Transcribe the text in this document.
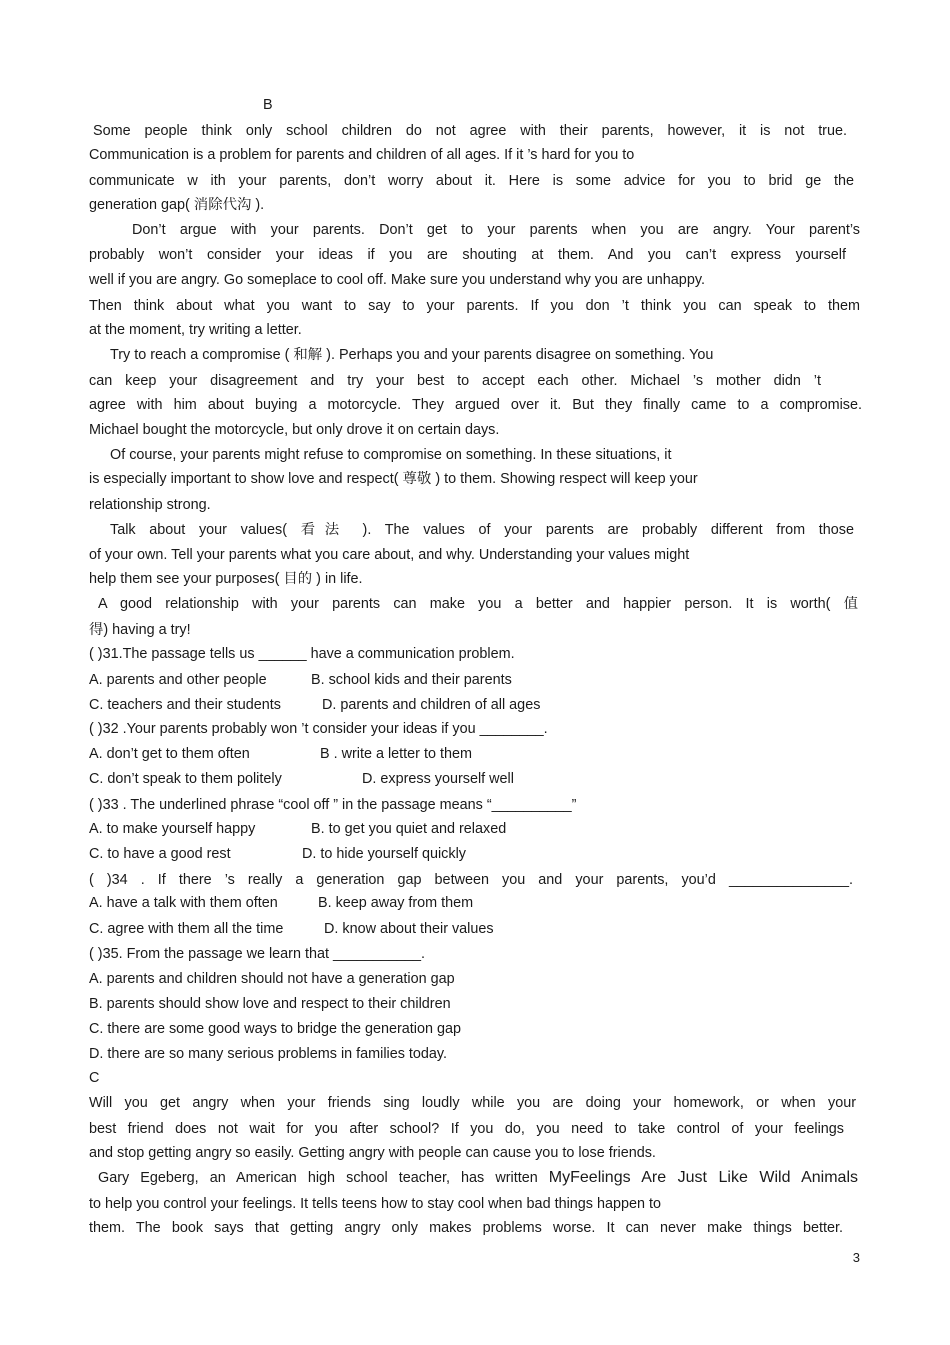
B
Some people think only school children do not agree with their parents, however, it is not true.
Communication is a problem for parents and children of all ages. If it ’s hard for you to
communicate w ith your parents, don’t worry about it. Here is some advice for you to brid ge the
generation gap( 消除代沟 ).
Don’t argue with your parents. Don’t get to your parents when you are angry. Your parent’s
probably won’t consider your ideas if you are shouting at them. And you can’t express yourself
well if you are angry. Go someplace to cool off. Make sure you understand why you are unhappy.
Then think about what you want to say to your parents. If you don ’t think you can speak to them
at the moment, try writing a letter.
Try to reach a compromise ( 和解 ). Perhaps you and your parents disagree on something. You
can keep your disagreement and try your best to accept each other. Michael ’s mother didn ’t
agree with him about buying a motorcycle. They argued over it. But they finally came to a compromise.
Michael bought the motorcycle, but only drove it on certain days.
Of course, your parents might refuse to compromise on something. In these situations, it
is especially important to show love and respect( 尊敬 ) to them. Showing respect will keep your
relationship strong.
Talk about your values( 看法 ). The values of your parents are probably different from those
of your own. Tell your parents what you care about, and why. Understanding your values might
help them see your purposes( 目的 ) in life.
A good relationship with your parents can make you a better and happier person. It is worth( 值
得) having a try!
( )31.The passage tells us ______ have a communication problem.
A. parents and other people	B. school kids and their parents
C. teachers and their students	D. parents and children of all ages
( )32 .Your parents probably won ’t consider your ideas if you ________.
A. don’t get to them often	B . write a letter to them
C. don’t speak to them politely	D. express yourself well
( )33 . The underlined phrase “cool off ” in the passage means “__________”
A. to make yourself happy	B. to get you quiet and relaxed
C. to have a good rest	D. to hide yourself quickly
( )34 . If there ’s really a generation gap between you and your parents, you’d _______________.
A. have a talk with them often	B. keep away from them
C. agree with them all the time	D. know about their values
( )35. From the passage we learn that ___________.
A. parents and children should not have a generation gap
B. parents should show love and respect to their children
C. there are some good ways to bridge the generation gap
D. there are so many serious problems in families today.
C
Will you get angry when your friends sing loudly while you are doing your homework, or when your
best friend does not wait for you after school? If you do, you need to take control of your feelings
and stop getting angry so easily. Getting angry with people can cause you to lose friends.
Gary Egeberg, an American high school teacher, has written MyFeelings Are Just Like Wild Animals
to help you control your feelings. It tells teens how to stay cool when bad things happen to
them. The book says that getting angry only makes problems worse. It can never make things better.
3
